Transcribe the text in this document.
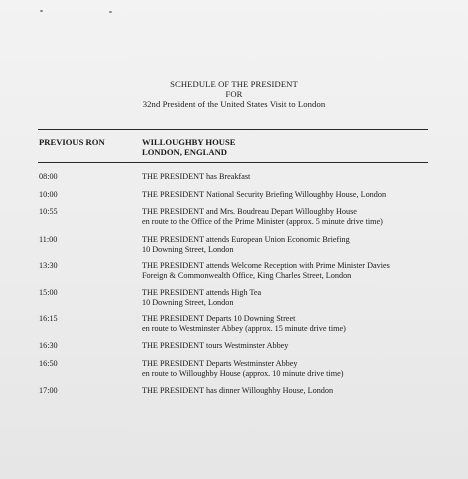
SCHEDULE OF THE PRESIDENT
FOR
32nd President of the United States Visit to London
PREVIOUS RON	WILLOUGHBY HOUSE
LONDON, ENGLAND
08:00	THE PRESIDENT has Breakfast
10:00	THE PRESIDENT National Security Briefing Willoughby House, London
10:55	THE PRESIDENT and Mrs. Boudreau Depart Willoughby House
en route to the Office of the Prime Minister (approx. 5 minute drive time)
11:00	THE PRESIDENT attends European Union Economic Briefing
10 Downing Street, London
13:30	THE PRESIDENT attends Welcome Reception with Prime Minister Davies
Foreign & Commonwealth Office, King Charles Street, London
15:00	THE PRESIDENT attends High Tea
10 Downing Street, London
16:15	THE PRESIDENT Departs 10 Downing Street
en route to Westminster Abbey (approx. 15 minute drive time)
16:30	THE PRESIDENT tours Westminster Abbey
16:50	THE PRESIDENT Departs Westminster Abbey
en route to Willoughby House (approx. 10 minute drive time)
17:00	THE PRESIDENT has dinner Willoughby House, London
